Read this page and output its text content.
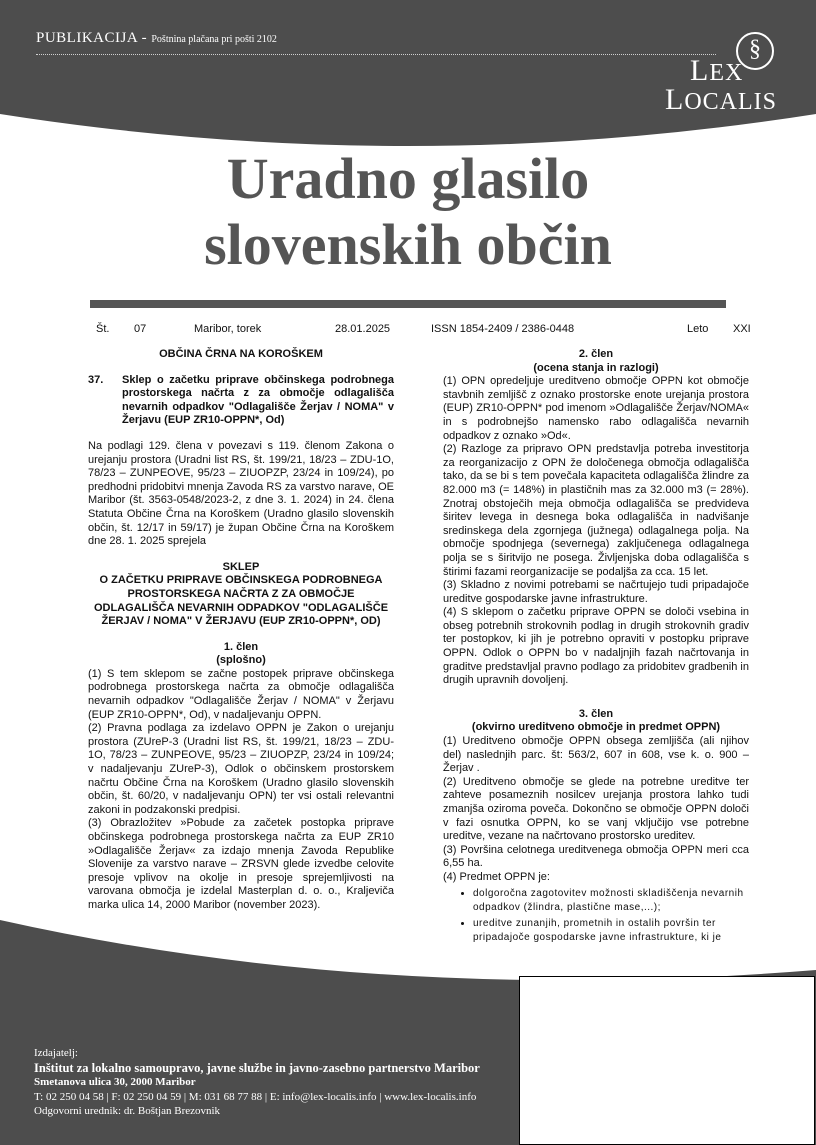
PUBLIKACIJA - Poštnina plačana pri pošti 2102	§
LEX
LOCALIS
Uradno glasilo
slovenskih občin
Št. 07	Maribor, torek	28.01.2025	ISSN 1854-2409 / 2386-0448	Leto XXI

OBČINA ČRNA NA KOROŠKEM

37.	Sklep o začetku priprave občinskega podrobnega prostorskega načrta z za območje odlagališča nevarnih odpadkov "Odlagališče Žerjav / NOMA" v Žerjavu (EUP ZR10-OPPN*, Od)

Na podlagi 129. člena v povezavi s 119. členom Zakona o urejanju prostora (Uradni list RS, št. 199/21, 18/23 – ZDU-1O, 78/23 – ZUNPEOVE, 95/23 – ZIUOPZP, 23/24 in 109/24), po predhodni pridobitvi mnenja Zavoda RS za varstvo narave, OE Maribor (št. 3563-0548/2023-2, z dne 3. 1. 2024) in 24. člena Statuta Občine Črna na Koroškem (Uradno glasilo slovenskih občin, št. 12/17 in 59/17) je župan Občine Črna na Koroškem dne 28. 1. 2025 sprejela

SKLEP

O ZAČETKU PRIPRAVE OBČINSKEGA PODROBNEGA PROSTORSKEGA NAČRTA Z ZA OBMOČJE ODLAGALIŠČA NEVARNIH ODPADKOV "ODLAGALIŠČE ŽERJAV / NOMA" V ŽERJAVU (EUP ZR10-OPPN*, OD)

1. člen

(splošno)

(1) S tem sklepom se začne postopek priprave občinskega podrobnega prostorskega načrta za območje odlagališča nevarnih odpadkov "Odlagališče Žerjav / NOMA" v Žerjavu (EUP ZR10-OPPN*, Od), v nadaljevanju OPPN.

(2) Pravna podlaga za izdelavo OPPN je Zakon o urejanju prostora (ZUreP-3 (Uradni list RS, št. 199/21, 18/23 – ZDU-1O, 78/23 – ZUNPEOVE, 95/23 – ZIUOPZP, 23/24 in 109/24; v nadaljevanju ZUreP-3), Odlok o občinskem prostorskem načrtu Občine Črna na Koroškem (Uradno glasilo slovenskih občin, št. 60/20, v nadaljevanju OPN) ter vsi ostali relevantni zakoni in podzakonski predpisi.

(3) Obrazložitev »Pobude za začetek postopka priprave občinskega podrobnega prostorskega načrta za EUP ZR10 »Odlagališče Žerjav« za izdajo mnenja Zavoda Republike Slovenije za varstvo narave – ZRSVN glede izvedbe celovite presoje vplivov na okolje in presoje sprejemljivosti na varovana območja je izdelal Masterplan d. o. o., Kraljeviča marka ulica 14, 2000 Maribor (november 2023).

2. člen

(ocena stanja in razlogi)

(1) OPN opredeljuje ureditveno območje OPPN kot območje stavbnih zemljišč z oznako prostorske enote urejanja prostora (EUP) ZR10-OPPN* pod imenom »Odlagališče Žerjav/NOMA« in s podrobnejšo namensko rabo odlagališča nevarnih odpadkov z oznako »Od«.

(2) Razloge za pripravo OPN predstavlja potreba investitorja za reorganizacijo z OPN že določenega območja odlagališča tako, da se bi s tem povečala kapaciteta odlagališča žlindre za 82.000 m3 (= 148%) in plastičnih mas za 32.000 m3 (= 28%). Znotraj obstoječih meja območja odlagališča se predvideva širitev levega in desnega boka odlagališča in nadvišanje sredinskega dela zgornjega (južnega) odlagalnega polja. Na območje spodnjega (severnega) zaključenega odlagalnega polja se s širitvijo ne posega. Življenjska doba odlagališča s štirimi fazami reorganizacije se podaljša za cca. 15 let.

(3) Skladno z novimi potrebami se načrtujejo tudi pripadajoče ureditve gospodarske javne infrastrukture.

(4) S sklepom o začetku priprave OPPN se določi vsebina in obseg potrebnih strokovnih podlag in drugih strokovnih gradiv ter postopkov, ki jih je potrebno opraviti v postopku priprave OPPN. Odlok o OPPN bo v nadaljnjih fazah načrtovanja in graditve predstavljal pravno podlago za pridobitev gradbenih in drugih upravnih dovoljenj.

3. člen

(okvirno ureditveno območje in predmet OPPN)

(1) Ureditveno območje OPPN obsega zemljišča (ali njihov del) naslednjih parc. št: 563/2, 607 in 608, vse k. o. 900 – Žerjav .

(2) Ureditveno območje se glede na potrebne ureditve ter zahteve posameznih nosilcev urejanja prostora lahko tudi zmanjša oziroma poveča. Dokončno se območje OPPN določi v fazi osnutka OPPN, ko se vanj vključijo vse potrebne ureditve, vezane na načrtovano prostorsko ureditev.

(3) Površina celotnega ureditvenega območja OPPN meri cca 6,55 ha.

(4) Predmet OPPN je:

• dolgoročna zagotovitev možnosti skladiščenja nevarnih odpadkov (žlindra, plastične mase,...);
• ureditve zunanjih, prometnih in ostalih površin ter pripadajoče gospodarske javne infrastrukture, ki je
Izdajatelj:
Inštitut za lokalno samoupravo, javne službe in javno-zasebno partnerstvo Maribor
Smetanova ulica 30, 2000 Maribor
T: 02 250 04 58 | F: 02 250 04 59 | M: 031 68 77 88 | E: info@lex-localis.info | www.lex-localis.info
Odgovorni urednik: dr. Boštjan Brezovnik
